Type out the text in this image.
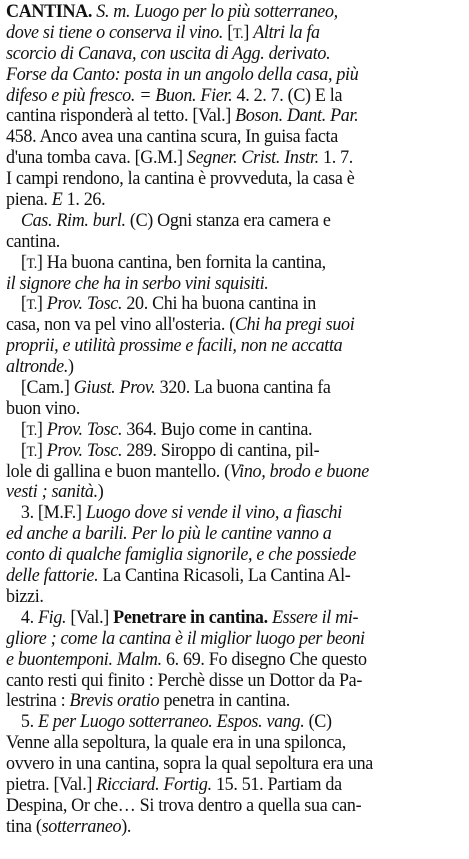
CANTINA. S. m. Luogo per lo più sotterraneo,
dove si tiene o conserva il vino. [T.] Altri la fa
scorcio di Canava, con uscita di Agg. derivato.
Forse da Canto: posta in un angolo della casa, più
difeso e più fresco. = Buon. Fier. 4. 2. 7. (C) E la
cantina risponderà al tetto. [Val.] Boson. Dant. Par.
458. Anco avea una cantina scura, In guisa facta
d'una tomba cava. [G.M.] Segner. Crist. Instr. 1. 7.
I campi rendono, la cantina è provveduta, la casa è
piena. E 1. 26.
Cas. Rim. burl. (C) Ogni stanza era camera e
cantina.
[T.] Ha buona cantina, ben fornita la cantina,
il signore che ha in serbo vini squisiti.
[T.] Prov. Tosc. 20. Chi ha buona cantina in
casa, non va pel vino all'osteria. (Chi ha pregi suoi
proprii, e utilità prossime e facili, non ne accatta
altronde.)
[Cam.] Giust. Prov. 320. La buona cantina fa
buon vino.
[T.] Prov. Tosc. 364. Bujo come in cantina.
[T.] Prov. Tosc. 289. Siroppo di cantina, pil-
lole di gallina e buon mantello. (Vino, brodo e buone
vesti ; sanità.)
3. [M.F.] Luogo dove si vende il vino, a fiaschi
ed anche a barili. Per lo più le cantine vanno a
conto di qualche famiglia signorile, e che possiede
delle fattorie. La Cantina Ricasoli, La Cantina Al-
bizzi.
4. Fig. [Val.] Penetrare in cantina. Essere il mi-
gliore ; come la cantina è il miglior luogo per beoni
e buontemponi. Malm. 6. 69. Fo disegno Che questo
canto resti qui finito : Perchè disse un Dottor da Pa-
lestrina : Brevis oratio penetra in cantina.
5. E per Luogo sotterraneo. Espos. vang. (C)
Venne alla sepoltura, la quale era in una spilonca,
ovvero in una cantina, sopra la qual sepoltura era una
pietra. [Val.] Ricciard. Fortig. 15. 51. Partiam da
Despina, Or che… Si trova dentro a quella sua can-
tina (sotterraneo).
